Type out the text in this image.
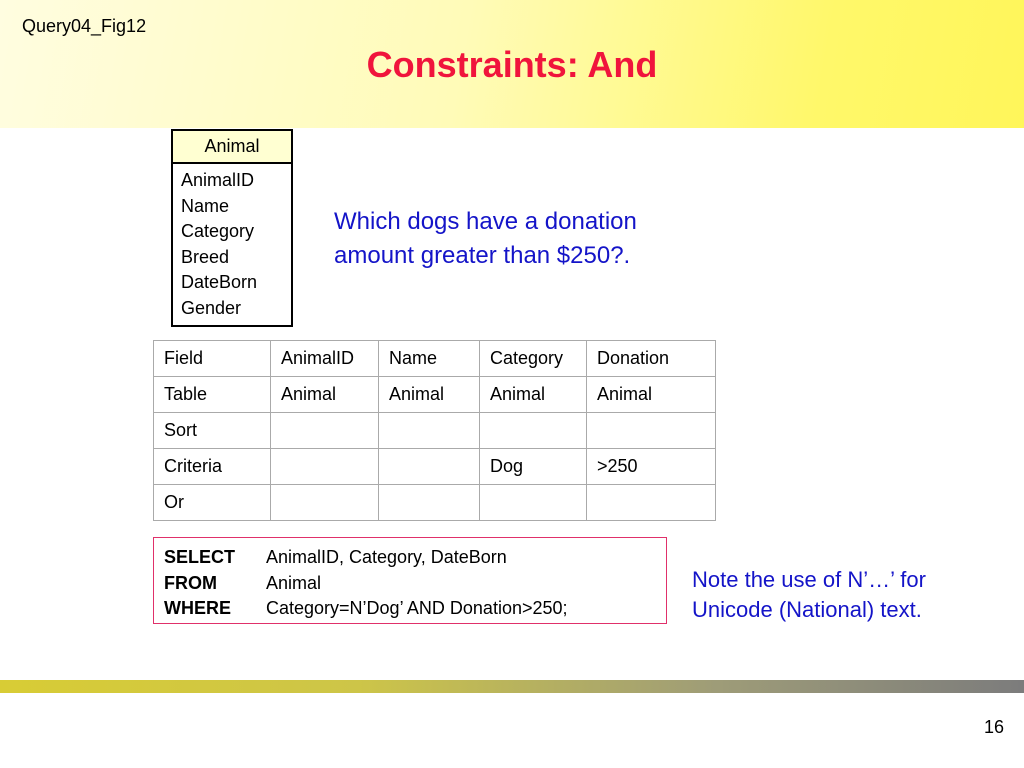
Query04_Fig12
Constraints: And
Animal
AnimalID
Name
Category
Breed
DateBorn
Gender
Which dogs have a donation amount greater than $250?.
Field	AnimalID	Name	Category	Donation
Table	Animal	Animal	Animal	Animal
Sort				
Criteria			Dog	>250
Or				
SELECT	AnimalID, Category, DateBorn
FROM	Animal
WHERE	Category=N’Dog’ AND Donation>250;
Note the use of N’…’ for Unicode (National) text.
16
